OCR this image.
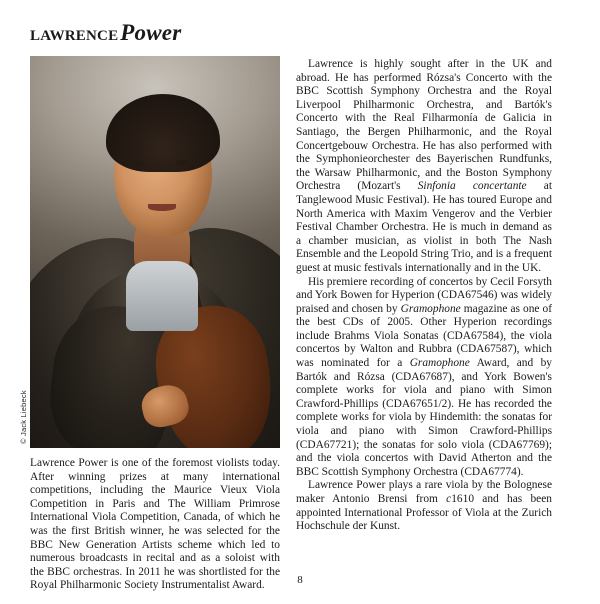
lawrencePower
© Jack Liebeck

Lawrence Power is one of the foremost violists today. After winning prizes at many international competitions, including the Maurice Vieux Viola Competition in Paris and The William Primrose International Viola Competition, Canada, of which he was the first British winner, he was selected for the BBC New Generation Artists scheme which led to numerous broadcasts in recital and as a soloist with the BBC orchestras. In 2011 he was shortlisted for the Royal Philharmonic Society Instrumentalist Award.

Lawrence is highly sought after in the UK and abroad. He has performed Rózsa's Concerto with the BBC Scottish Symphony Orchestra and the Royal Liverpool Philharmonic Orchestra, and Bartók's Concerto with the Real Filharmonía de Galicia in Santiago, the Bergen Philharmonic, and the Royal Concertgebouw Orchestra. He has also performed with the Symphonieorchester des Bayerischen Rundfunks, the Warsaw Philharmonic, and the Boston Symphony Orchestra (Mozart's Sinfonia concertante at Tanglewood Music Festival). He has toured Europe and North America with Maxim Vengerov and the Verbier Festival Chamber Orchestra. He is much in demand as a chamber musician, as violist in both The Nash Ensemble and the Leopold String Trio, and is a frequent guest at music festivals internationally and in the UK.

His premiere recording of concertos by Cecil Forsyth and York Bowen for Hyperion (CDA67546) was widely praised and chosen by Gramophone magazine as one of the best CDs of 2005. Other Hyperion recordings include Brahms Viola Sonatas (CDA67584), the viola concertos by Walton and Rubbra (CDA67587), which was nominated for a Gramophone Award, and by Bartók and Rózsa (CDA67687), and York Bowen's complete works for viola and piano with Simon Crawford-Phillips (CDA67651/2). He has recorded the complete works for viola by Hindemith: the sonatas for viola and piano with Simon Crawford-Phillips (CDA67721); the sonatas for solo viola (CDA67769); and the viola concertos with David Atherton and the BBC Scottish Symphony Orchestra (CDA67774).

Lawrence Power plays a rare viola by the Bolognese maker Antonio Brensi from c1610 and has been appointed International Professor of Viola at the Zurich Hochschule der Kunst.

8
